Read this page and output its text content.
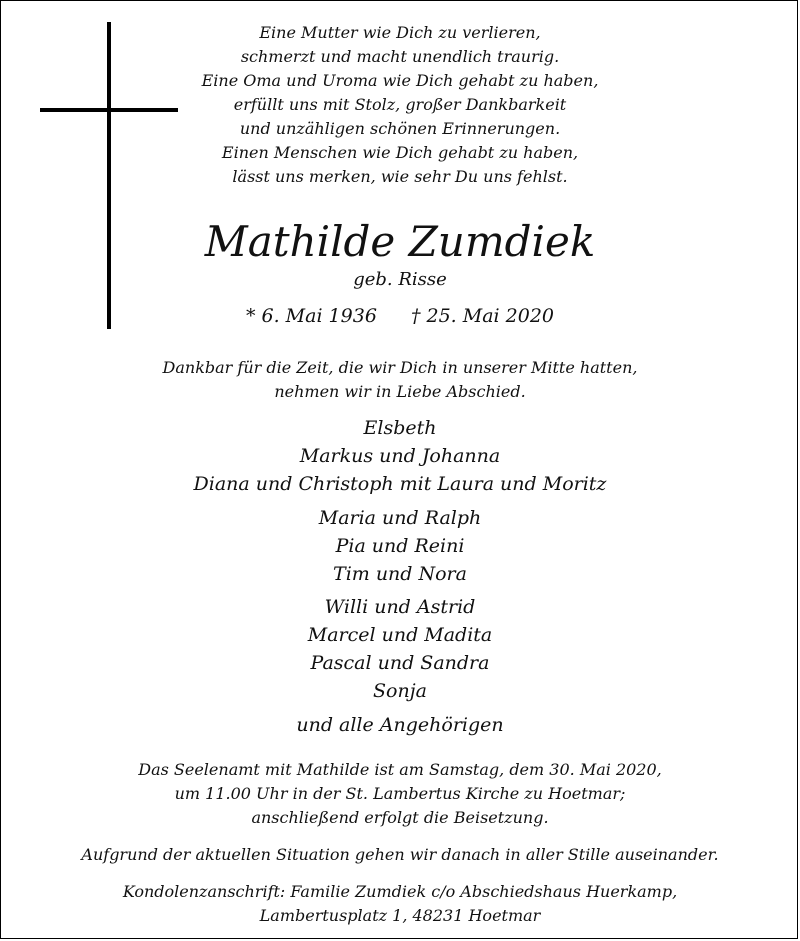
Eine Mutter wie Dich zu verlieren,
schmerzt und macht unendlich traurig.
Eine Oma und Uroma wie Dich gehabt zu haben,
erfüllt uns mit Stolz, großer Dankbarkeit
und unzähligen schönen Erinnerungen.
Einen Menschen wie Dich gehabt zu haben,
lässt uns merken, wie sehr Du uns fehlst.
Mathilde Zumdiek
geb. Risse
* 6. Mai 1936 † 25. Mai 2020
Dankbar für die Zeit, die wir Dich in unserer Mitte hatten,
nehmen wir in Liebe Abschied.
Elsbeth
Markus und Johanna
Diana und Christoph mit Laura und Moritz
Maria und Ralph
Pia und Reini
Tim und Nora
Willi und Astrid
Marcel und Madita
Pascal und Sandra
Sonja
und alle Angehörigen
Das Seelenamt mit Mathilde ist am Samstag, dem 30. Mai 2020,
um 11.00 Uhr in der St. Lambertus Kirche zu Hoetmar;
anschließend erfolgt die Beisetzung.
Aufgrund der aktuellen Situation gehen wir danach in aller Stille auseinander.
Kondolenzanschrift: Familie Zumdiek c/o Abschiedshaus Huerkamp,
Lambertusplatz 1, 48231 Hoetmar
